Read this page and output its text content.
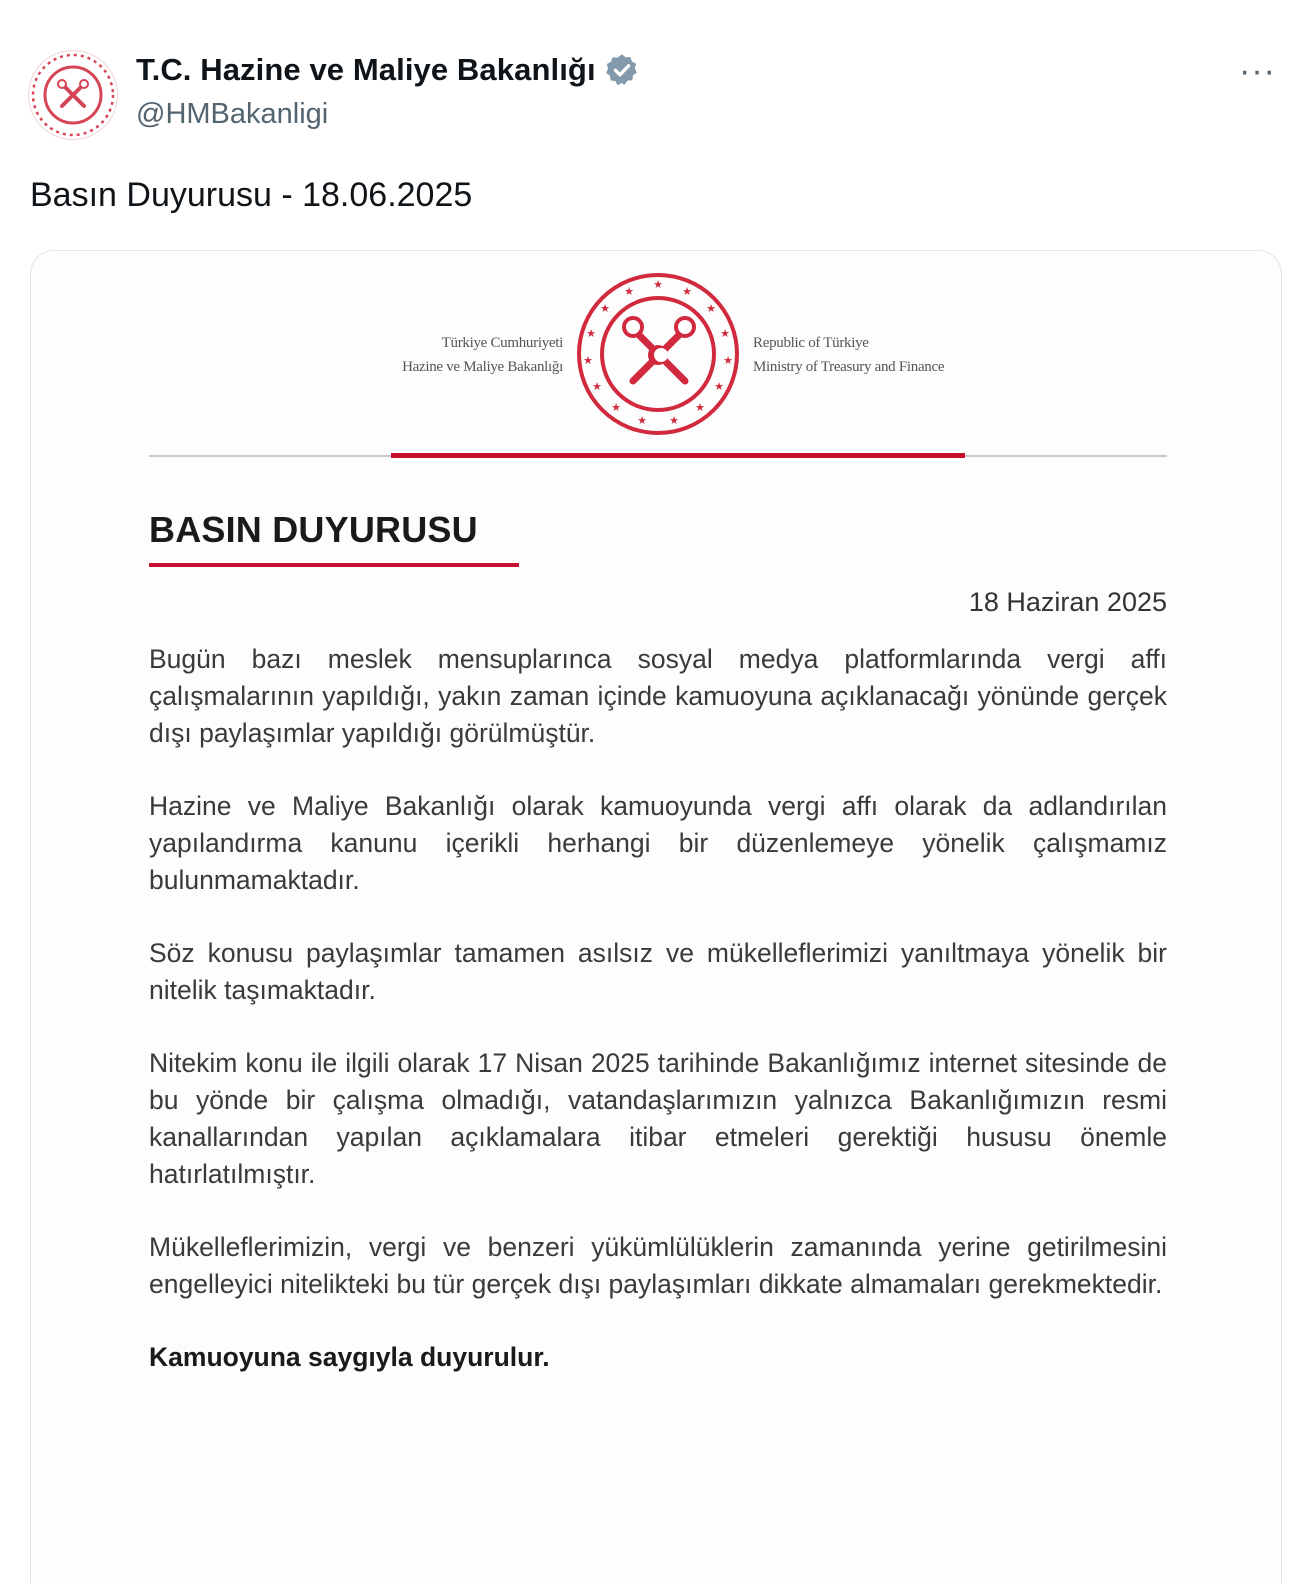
T.C. Hazine ve Maliye Bakanlığı
@HMBakanligi
···
Basın Duyurusu - 18.06.2025
Türkiye Cumhuriyeti
Hazine ve Maliye Bakanlığı
★
★
★
★
★
★
★
★
★
★
★
★
★
★
★
Republic of Türkiye
Ministry of Treasury and Finance
BASIN DUYURUSU
18 Haziran 2025

Bugün bazı meslek mensuplarınca sosyal medya platformlarında vergi affı çalışmalarının yapıldığı, yakın zaman içinde kamuoyuna açıklanacağı yönünde gerçek dışı paylaşımlar yapıldığı görülmüştür.

Hazine ve Maliye Bakanlığı olarak kamuoyunda vergi affı olarak da adlandırılan yapılandırma kanunu içerikli herhangi bir düzenlemeye yönelik çalışmamız bulunmamaktadır.

Söz konusu paylaşımlar tamamen asılsız ve mükelleflerimizi yanıltmaya yönelik bir nitelik taşımaktadır.

Nitekim konu ile ilgili olarak 17 Nisan 2025 tarihinde Bakanlığımız internet sitesinde de bu yönde bir çalışma olmadığı, vatandaşlarımızın yalnızca Bakanlığımızın resmi kanallarından yapılan açıklamalara itibar etmeleri gerektiği hususu önemle hatırlatılmıştır.

Mükelleflerimizin, vergi ve benzeri yükümlülüklerin zamanında yerine getirilmesini engelleyici nitelikteki bu tür gerçek dışı paylaşımları dikkate almamaları gerekmektedir.

Kamuoyuna saygıyla duyurulur.
